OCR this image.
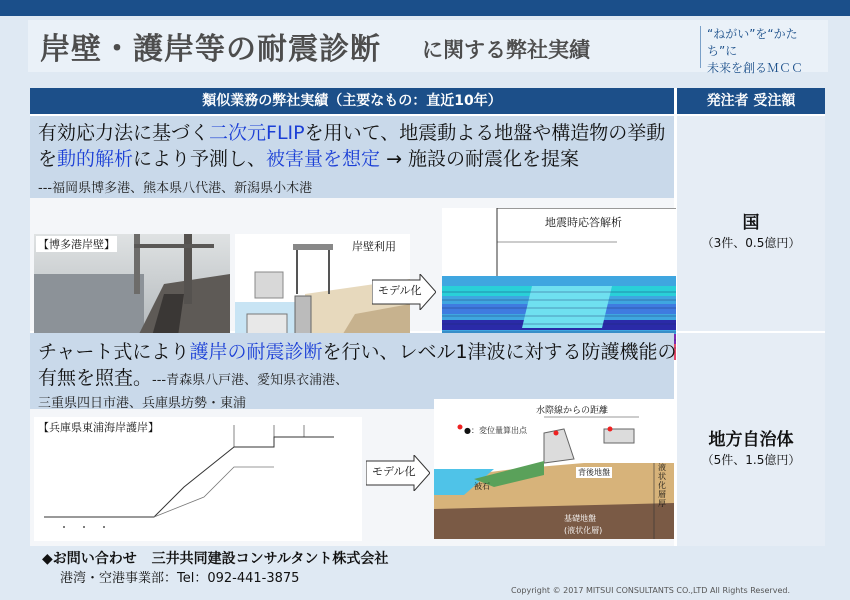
岸壁・護岸等の耐震診断 に関する弊社実績
“ねがい”を“かたち”に
未来を創るＭＣＣ
類似業務の弊社実績（主要なもの：直近10年）	発注者 受注額
有効応力法に基づく二次元FLIPを用いて、地震動よる地盤や構造物の挙動を動的解析により予測し、被害量を想定 → 施設の耐震化を提案
---福岡県博多港、熊本県八代港、新潟県小木港
【博多港岸壁】	岸壁利用
モデル化
地震時応答解析	国
（3件、0.5億円）
チャート式により護岸の耐震診断を行い、レベル1津波に対する防護機能の有無を照査。---青森県八戸港、愛知県衣浦港、
三重県四日市港、兵庫県坊勢・東浦
【兵庫県東浦海岸護岸】
モデル化
水際線からの距離
●：変位量算出点
被石
背後地盤
基礎地盤
(液状化層)
液状化層厚
地方自治体
（5件、1.5億円）
◆お問い合わせ 三井共同建設コンサルタント株式会社
港湾・空港事業部：Tel：092-441-3875
Copyright © 2017 MITSUI CONSULTANTS CO.,LTD All Rights Reserved.
